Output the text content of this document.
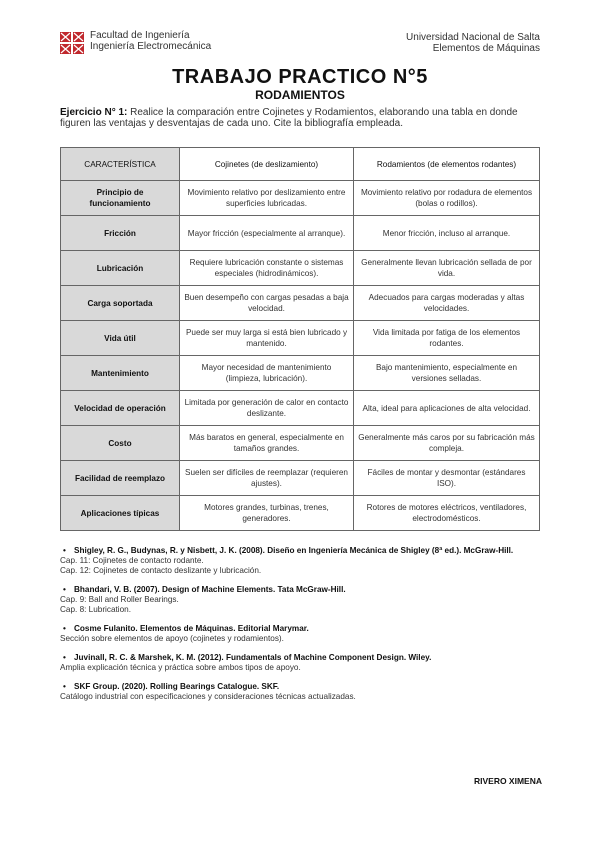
Facultad de Ingeniería
Ingeniería Electromecánica
Universidad Nacional de Salta
Elementos de Máquinas
TRABAJO PRACTICO N°5
RODAMIENTOS
Ejercicio N° 1: Realice la comparación entre Cojinetes y Rodamientos, elaborando una tabla en donde figuren las ventajas y desventajas de cada uno. Cite la bibliografía empleada.
CARACTERÍSTICA	Cojinetes (de deslizamiento)	Rodamientos (de elementos rodantes)
Principio de funcionamiento	Movimiento relativo por deslizamiento entre superficies lubricadas.	Movimiento relativo por rodadura de elementos (bolas o rodillos).
Fricción	Mayor fricción (especialmente al arranque).	Menor fricción, incluso al arranque.
Lubricación	Requiere lubricación constante o sistemas especiales (hidrodinámicos).	Generalmente llevan lubricación sellada de por vida.
Carga soportada	Buen desempeño con cargas pesadas a baja velocidad.	Adecuados para cargas moderadas y altas velocidades.
Vida útil	Puede ser muy larga si está bien lubricado y mantenido.	Vida limitada por fatiga de los elementos rodantes.
Mantenimiento	Mayor necesidad de mantenimiento (limpieza, lubricación).	Bajo mantenimiento, especialmente en versiones selladas.
Velocidad de operación	Limitada por generación de calor en contacto deslizante.	Alta, ideal para aplicaciones de alta velocidad.
Costo	Más baratos en general, especialmente en tamaños grandes.	Generalmente más caros por su fabricación más compleja.
Facilidad de reemplazo	Suelen ser difíciles de reemplazar (requieren ajustes).	Fáciles de montar y desmontar (estándares ISO).
Aplicaciones típicas	Motores grandes, turbinas, trenes, generadores.	Rotores de motores eléctricos, ventiladores, electrodomésticos.
• Shigley, R. G., Budynas, R. y Nisbett, J. K. (2008). Diseño en Ingeniería Mecánica de Shigley (8ª ed.). McGraw-Hill.
Cap. 11: Cojinetes de contacto rodante.
Cap. 12: Cojinetes de contacto deslizante y lubricación.
• Bhandari, V. B. (2007). Design of Machine Elements. Tata McGraw-Hill.
Cap. 9: Ball and Roller Bearings.
Cap. 8: Lubrication.
• Cosme Fulanito. Elementos de Máquinas. Editorial Marymar.
Sección sobre elementos de apoyo (cojinetes y rodamientos).
• Juvinall, R. C. & Marshek, K. M. (2012). Fundamentals of Machine Component Design. Wiley.
Amplia explicación técnica y práctica sobre ambos tipos de apoyo.
• SKF Group. (2020). Rolling Bearings Catalogue. SKF.
Catálogo industrial con especificaciones y consideraciones técnicas actualizadas.
RIVERO XIMENA
